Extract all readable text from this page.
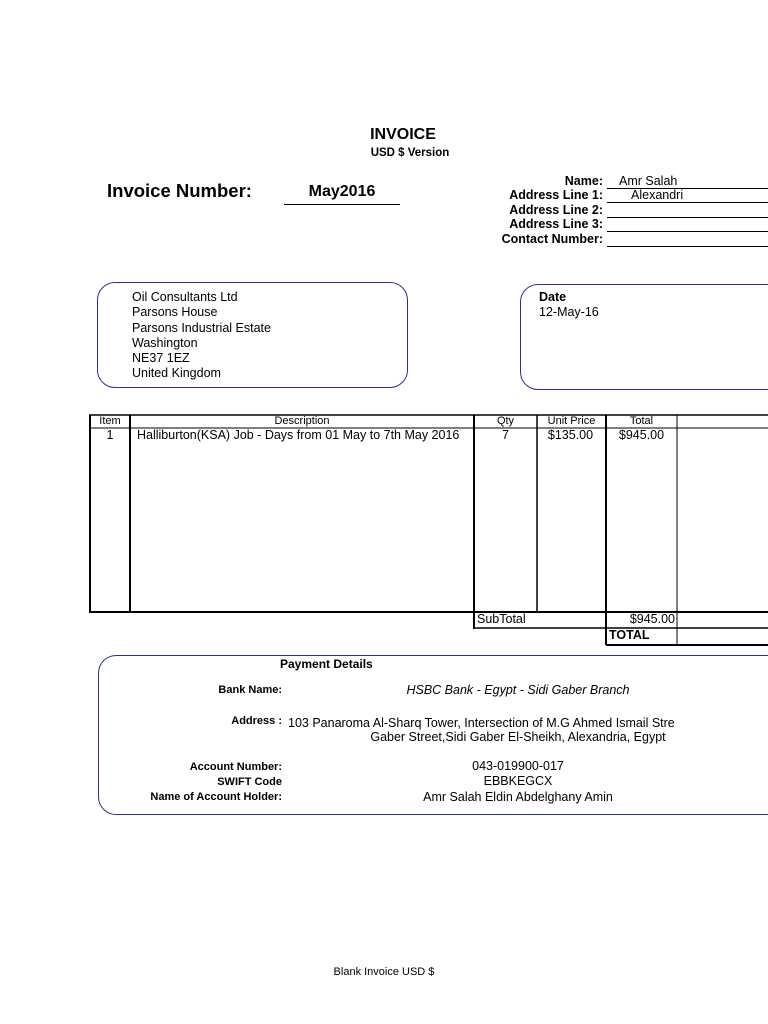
INVOICE
USD $ Version
Invoice Number:	May2016
Name:	Amr Salah
Address Line 1:	Alexandri
Address Line 2:
Address Line 3:
Contact Number:
Oil Consultants Ltd
Parsons House
Parsons Industrial Estate
Washington
NE37 1EZ
United Kingdom
Date
12-May-16
Item	Description	Qty	Unit Price	Total
1	Halliburton(KSA) Job - Days from 01 May to 7th May 2016	7	$135.00	$945.00
SubTotal	$945.00
TOTAL
Payment Details
Bank Name:	HSBC Bank - Egypt - Sidi Gaber Branch
Address : 103 Panaroma Al-Sharq Tower, Intersection of M.G Ahmed Ismail Stre
Gaber Street,Sidi Gaber El-Sheikh, Alexandria, Egypt
Account Number:	043-019900-017
SWIFT Code	EBBKEGCX
Name of Account Holder:	Amr Salah Eldin Abdelghany Amin
Blank Invoice USD $
